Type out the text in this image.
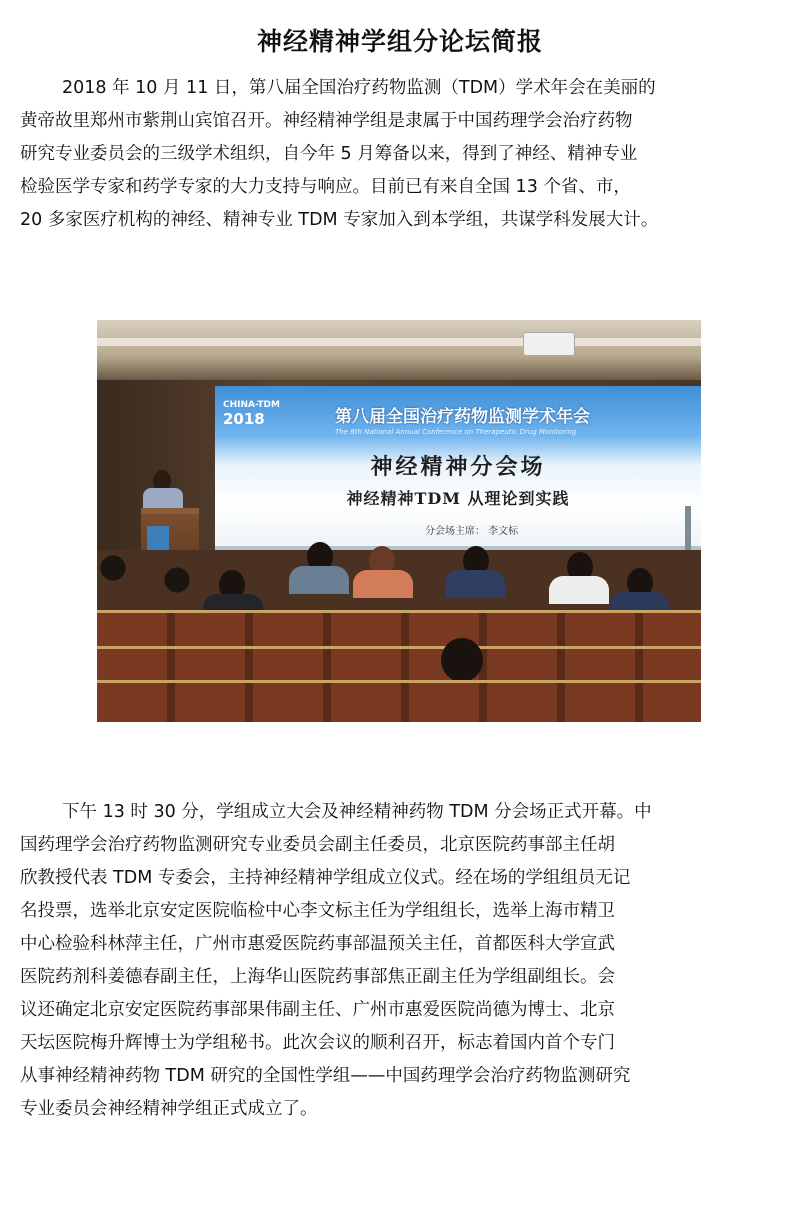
神经精神学组分论坛简报
2018 年 10 月 11 日，第八届全国治疗药物监测（TDM）学术年会在美丽的
黄帝故里郑州市紫荆山宾馆召开。神经精神学组是隶属于中国药理学会治疗药物
研究专业委员会的三级学术组织，自今年 5 月筹备以来，得到了神经、精神专业
检验医学专家和药学专家的大力支持与响应。目前已有来自全国 13 个省、市，
20 多家医疗机构的神经、精神专业 TDM 专家加入到本学组，共谋学科发展大计。
CHINA-TDM
2018	第八届全国治疗药物监测学术年会
The 8th National Annual Conference on Therapeutic Drug Monitoring
神经精神分会场
神经精神TDM 从理论到实践
分会场主席： 李文标
下午 13 时 30 分，学组成立大会及神经精神药物 TDM 分会场正式开幕。中
国药理学会治疗药物监测研究专业委员会副主任委员，北京医院药事部主任胡
欣教授代表 TDM 专委会，主持神经精神学组成立仪式。经在场的学组组员无记
名投票，选举北京安定医院临检中心李文标主任为学组组长，选举上海市精卫
中心检验科林萍主任，广州市惠爱医院药事部温预关主任，首都医科大学宣武
医院药剂科姜德春副主任，上海华山医院药事部焦正副主任为学组副组长。会
议还确定北京安定医院药事部果伟副主任、广州市惠爱医院尚德为博士、北京
天坛医院梅升辉博士为学组秘书。此次会议的顺利召开，标志着国内首个专门
从事神经精神药物 TDM 研究的全国性学组——中国药理学会治疗药物监测研究
专业委员会神经精神学组正式成立了。
